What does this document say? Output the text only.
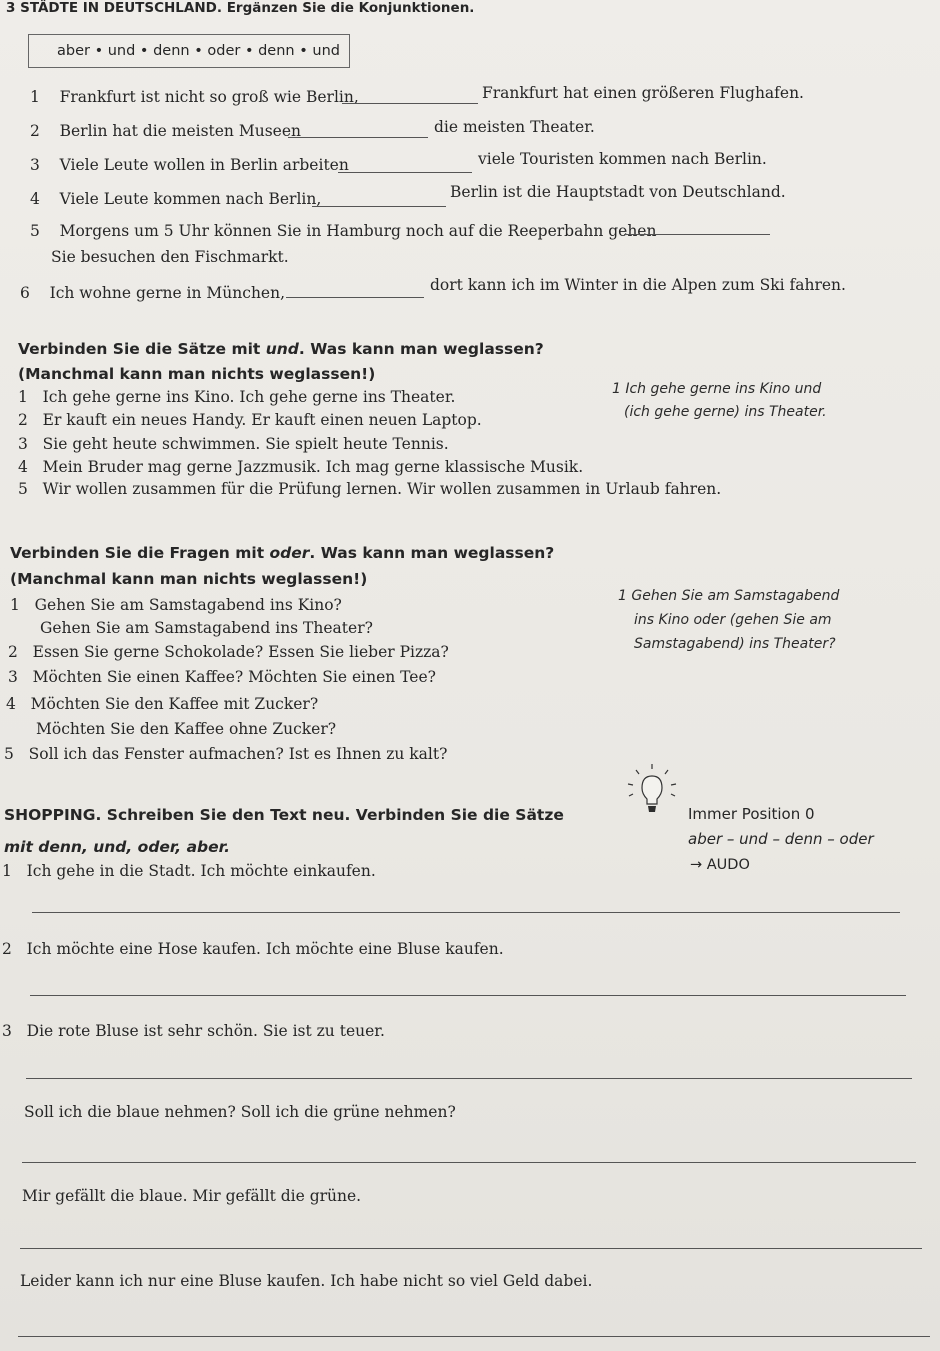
3 STÄDTE IN DEUTSCHLAND. Ergänzen Sie die Konjunktionen.
aber • und • denn • oder • denn • und
1 Frankfurt ist nicht so groß wie Berlin,	Frankfurt hat einen größeren Flughafen.
2 Berlin hat die meisten Museen	die meisten Theater.
3 Viele Leute wollen in Berlin arbeiten	viele Touristen kommen nach Berlin.
4 Viele Leute kommen nach Berlin,	Berlin ist die Hauptstadt von Deutschland.
5 Morgens um 5 Uhr können Sie in Hamburg noch auf die Reeperbahn gehen
Sie besuchen den Fischmarkt.
6 Ich wohne gerne in München,	dort kann ich im Winter in die Alpen zum Ski fahren.
Verbinden Sie die Sätze mit und. Was kann man weglassen?
(Manchmal kann man nichts weglassen!)
1 Ich gehe gerne ins Kino. Ich gehe gerne ins Theater.
2 Er kauft ein neues Handy. Er kauft einen neuen Laptop.
3 Sie geht heute schwimmen. Sie spielt heute Tennis.
4 Mein Bruder mag gerne Jazzmusik. Ich mag gerne klassische Musik.
5 Wir wollen zusammen für die Prüfung lernen. Wir wollen zusammen in Urlaub fahren.
1 Ich gehe gerne ins Kino und
(ich gehe gerne) ins Theater.
Verbinden Sie die Fragen mit oder. Was kann man weglassen?
(Manchmal kann man nichts weglassen!)
1 Gehen Sie am Samstagabend ins Kino?
Gehen Sie am Samstagabend ins Theater?
2 Essen Sie gerne Schokolade? Essen Sie lieber Pizza?
3 Möchten Sie einen Kaffee? Möchten Sie einen Tee?
4 Möchten Sie den Kaffee mit Zucker?
Möchten Sie den Kaffee ohne Zucker?
5 Soll ich das Fenster aufmachen? Ist es Ihnen zu kalt?
1 Gehen Sie am Samstagabend
ins Kino oder (gehen Sie am
Samstagabend) ins Theater?
SHOPPING. Schreiben Sie den Text neu. Verbinden Sie die Sätze
mit denn, und, oder, aber.
Immer Position 0
aber – und – denn – oder
→ AUDO
1 Ich gehe in die Stadt. Ich möchte einkaufen.
2 Ich möchte eine Hose kaufen. Ich möchte eine Bluse kaufen.
3 Die rote Bluse ist sehr schön. Sie ist zu teuer.
Soll ich die blaue nehmen? Soll ich die grüne nehmen?
Mir gefällt die blaue. Mir gefällt die grüne.
Leider kann ich nur eine Bluse kaufen. Ich habe nicht so viel Geld dabei.
